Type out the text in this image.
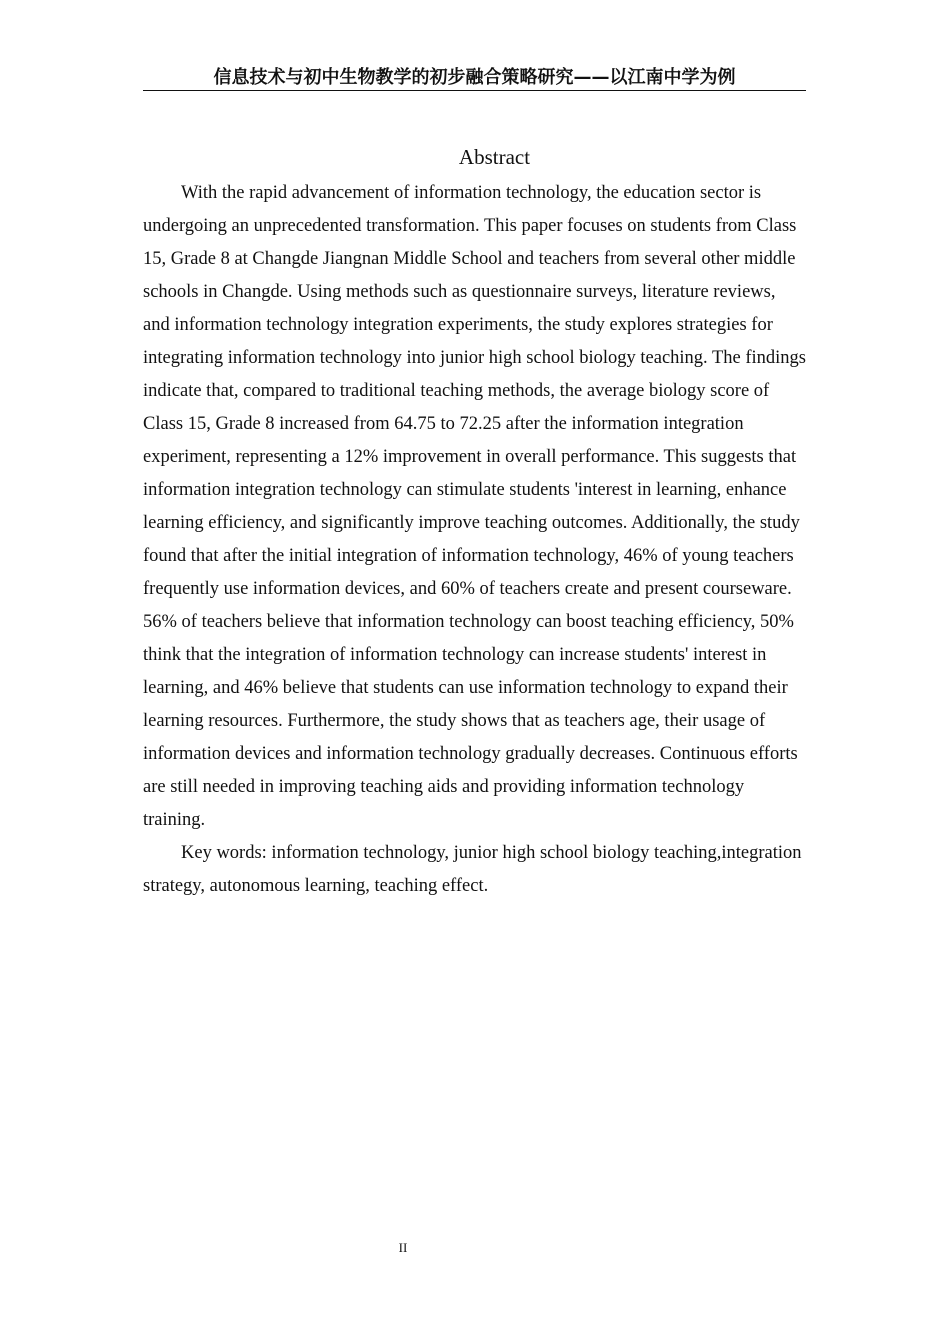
信息技术与初中生物教学的初步融合策略研究——以江南中学为例
Abstract

With the rapid advancement of information technology, the education sector is undergoing an unprecedented transformation. This paper focuses on students from Class 15, Grade 8 at Changde Jiangnan Middle School and teachers from several other middle schools in Changde. Using methods such as questionnaire surveys, literature reviews, and information technology integration experiments, the study explores strategies for integrating information technology into junior high school biology teaching. The findings indicate that, compared to traditional teaching methods, the average biology score of Class 15, Grade 8 increased from 64.75 to 72.25 after the information integration experiment, representing a 12% improvement in overall performance. This suggests that information integration technology can stimulate students 'interest in learning, enhance learning efficiency, and significantly improve teaching outcomes. Additionally, the study found that after the initial integration of information technology, 46% of young teachers frequently use information devices, and 60% of teachers create and present courseware. 56% of teachers believe that information technology can boost teaching efficiency, 50% think that the integration of information technology can increase students' interest in learning, and 46% believe that students can use information technology to expand their learning resources. Furthermore, the study shows that as teachers age, their usage of information devices and information technology gradually decreases. Continuous efforts are still needed in improving teaching aids and providing information technology training.

Key words: information technology, junior high school biology teaching,integration strategy, autonomous learning, teaching effect.

II
